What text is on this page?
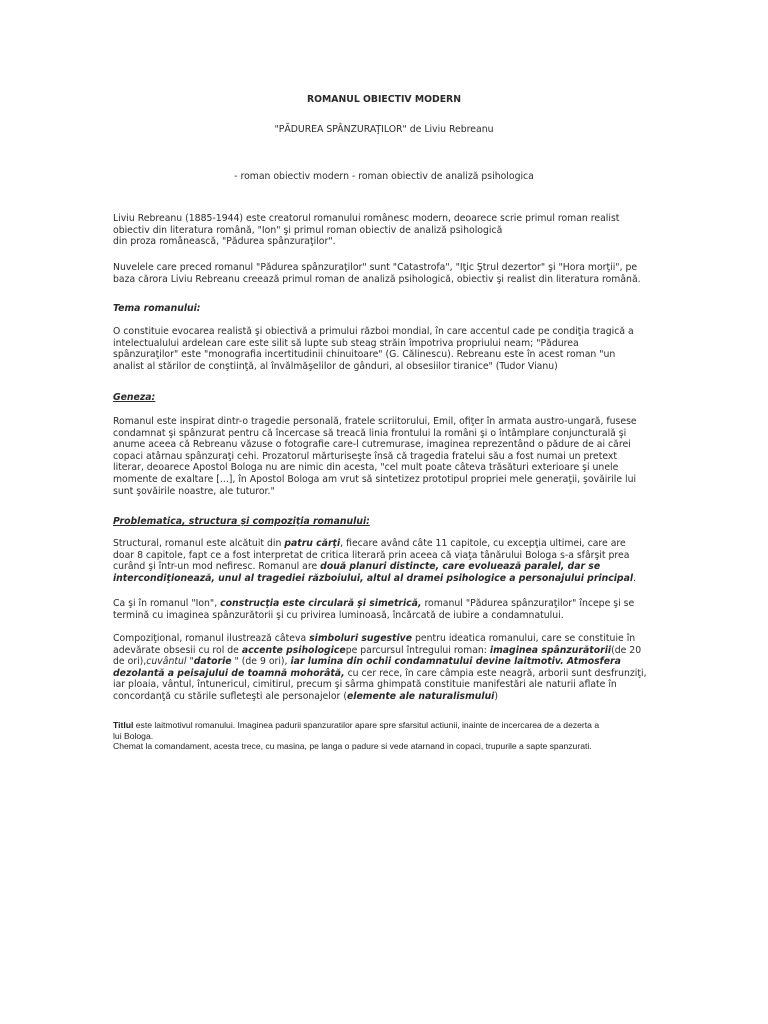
ROMANUL OBIECTIV MODERN
"PĂDUREA SPÂNZURAŢILOR" de Liviu Rebreanu
- roman obiectiv modern - roman obiectiv de analiză psihologica
Liviu Rebreanu (1885-1944) este creatorul romanului românesc modern, deoarece scrie primul roman realist
obiectiv din literatura română, "Ion" şi primul roman obiectiv de analiză psihologică
din proza românească, "Pădurea spânzuraţilor".
Nuvelele care preced romanul "Pădurea spânzuraţilor" sunt "Catastrofa", "Iţic Ştrul dezertor" şi "Hora morţii", pe
baza cărora Liviu Rebreanu creează primul roman de analiză psihologică, obiectiv şi realist din literatura română.
Tema romanului:
O constituie evocarea realistă şi obiectivă a primului război mondial, în care accentul cade pe condiţia tragică a
intelectualului ardelean care este silit să lupte sub steag străin împotriva propriului neam; "Pădurea
spânzuraţilor" este "monografia incertitudinii chinuitoare" (G. Călinescu). Rebreanu este în acest roman "un
analist al stărilor de conştiinţă, al învălmăşelilor de gânduri, al obsesiilor tiranice" (Tudor Vianu)
Geneza:
Romanul este inspirat dintr-o tragedie personală, fratele scriitorului, Emil, ofiţer în armata austro-ungară, fusese
condamnat şi spânzurat pentru că încercase să treacă linia frontului la români şi o întâmplare conjuncturală şi
anume aceea că Rebreanu văzuse o fotografie care-l cutremurase, imaginea reprezentând o pădure de ai cărei
copaci atârnau spânzuraţi cehi. Prozatorul mărturiseşte însă că tragedia fratelui său a fost numai un pretext
literar, deoarece Apostol Bologa nu are nimic din acesta, "cel mult poate câteva trăsături exterioare şi unele
momente de exaltare [...], în Apostol Bologa am vrut să sintetizez prototipul propriei mele generaţii, şovăirile lui
sunt şovăirile noastre, ale tuturor."
Problematica, structura şi compoziţia romanului:
Structural, romanul este alcătuit din patru cărţi, fiecare având câte 11 capitole, cu excepţia ultimei, care are
doar 8 capitole, fapt ce a fost interpretat de critica literară prin aceea că viaţa tânărului Bologa s-a sfârşit prea
curând şi într-un mod nefiresc. Romanul are două planuri distincte, care evoluează paralel, dar se
intercondiţionează, unul al tragediei războiului, altul al dramei psihologice a personajului principal.
Ca şi în romanul "Ion", construcţia este circulară şi simetrică, romanul "Pădurea spânzuraţilor" începe şi se
termină cu imaginea spânzurătorii şi cu privirea luminoasă, încărcată de iubire a condamnatului.
Compoziţional, romanul ilustrează câteva simboluri sugestive pentru ideatica romanului, care se constituie în
adevărate obsesii cu rol de accente psihologicepe parcursul întregului roman: imaginea spânzurătorii(de 20
de ori),cuvântul "datorie " (de 9 ori), iar lumina din ochii condamnatului devine laitmotiv. Atmosfera
dezolantă a peisajului de toamnă mohorâtă, cu cer rece, în care câmpia este neagră, arborii sunt desfrunziţi,
iar ploaia, vântul, întunericul, cimitirul, precum şi sârma ghimpată constituie manifestări ale naturii aflate în
concordanţă cu stările sufleteşti ale personajelor (elemente ale naturalismului)
Titlul este laitmotivul romanului. Imaginea padurii spanzuratilor apare spre sfarsitul actiunii, inainte de incercarea de a dezerta a
lui Bologa.
Chemat la comandament, acesta trece, cu masina, pe langa o padure si vede atarnand in copaci, trupurile a sapte spanzurati.
